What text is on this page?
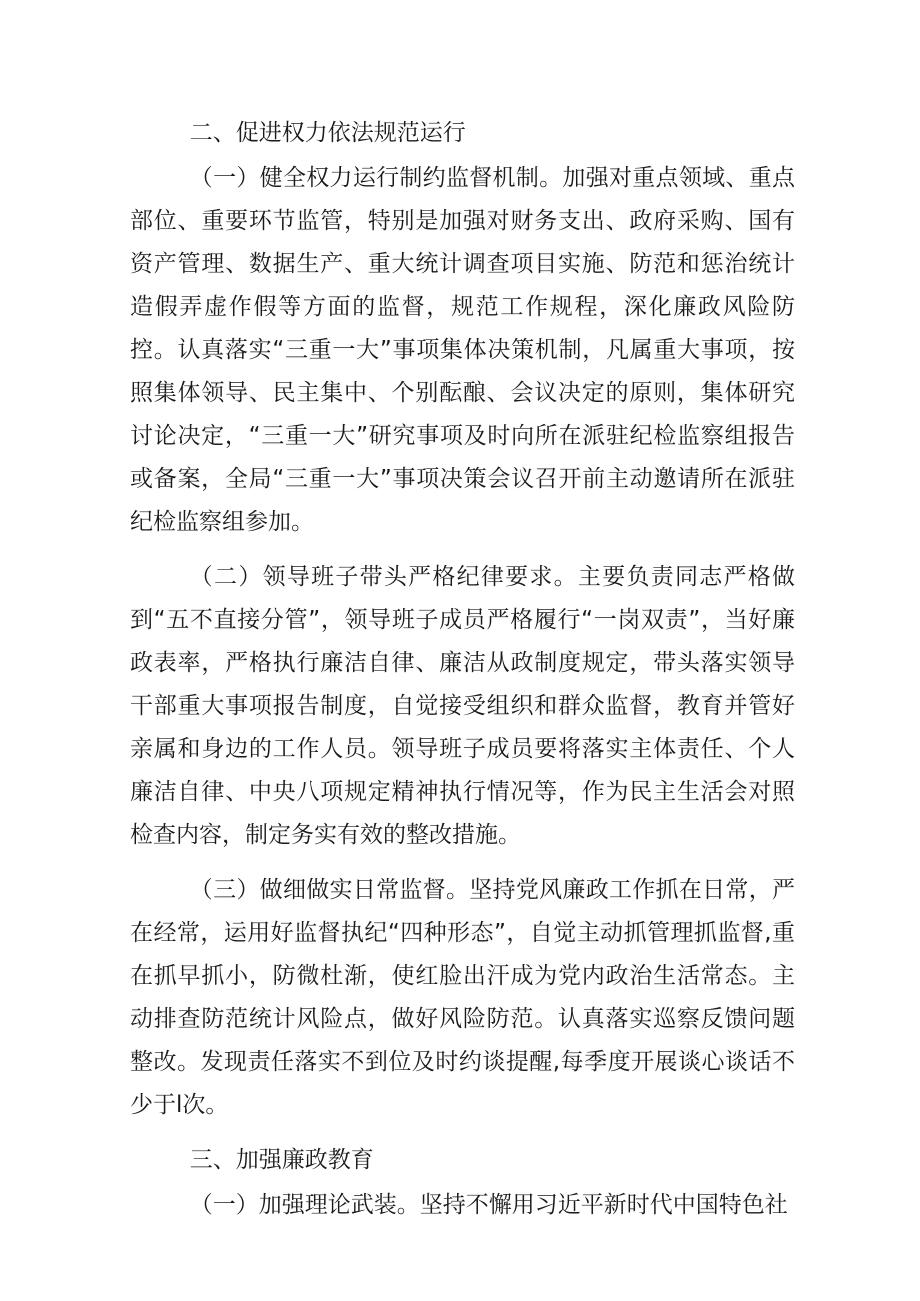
二、促进权力依法规范运行

（一）健全权力运行制约监督机制。加强对重点领域、重点部位、重要环节监管，特别是加强对财务支出、政府采购、国有资产管理、数据生产、重大统计调查项目实施、防范和惩治统计造假弄虚作假等方面的监督，规范工作规程，深化廉政风险防控。认真落实“三重一大”事项集体决策机制，凡属重大事项，按照集体领导、民主集中、个别酝酿、会议决定的原则，集体研究讨论决定，“三重一大”研究事项及时向所在派驻纪检监察组报告或备案，全局“三重一大”事项决策会议召开前主动邀请所在派驻纪检监察组参加。

（二）领导班子带头严格纪律要求。主要负责同志严格做到“五不直接分管”，领导班子成员严格履行“一岗双责”，当好廉政表率，严格执行廉洁自律、廉洁从政制度规定，带头落实领导干部重大事项报告制度，自觉接受组织和群众监督，教育并管好亲属和身边的工作人员。领导班子成员要将落实主体责任、个人廉洁自律、中央八项规定精神执行情况等，作为民主生活会对照检查内容，制定务实有效的整改措施。

（三）做细做实日常监督。坚持党风廉政工作抓在日常，严在经常，运用好监督执纪“四种形态”，自觉主动抓管理抓监督,重在抓早抓小，防微杜渐，使红脸出汗成为党内政治生活常态。主动排查防范统计风险点，做好风险防范。认真落实巡察反馈问题整改。发现责任落实不到位及时约谈提醒,每季度开展谈心谈话不少于l次。

三、加强廉政教育

（一）加强理论武装。坚持不懈用习近平新时代中国特色社
